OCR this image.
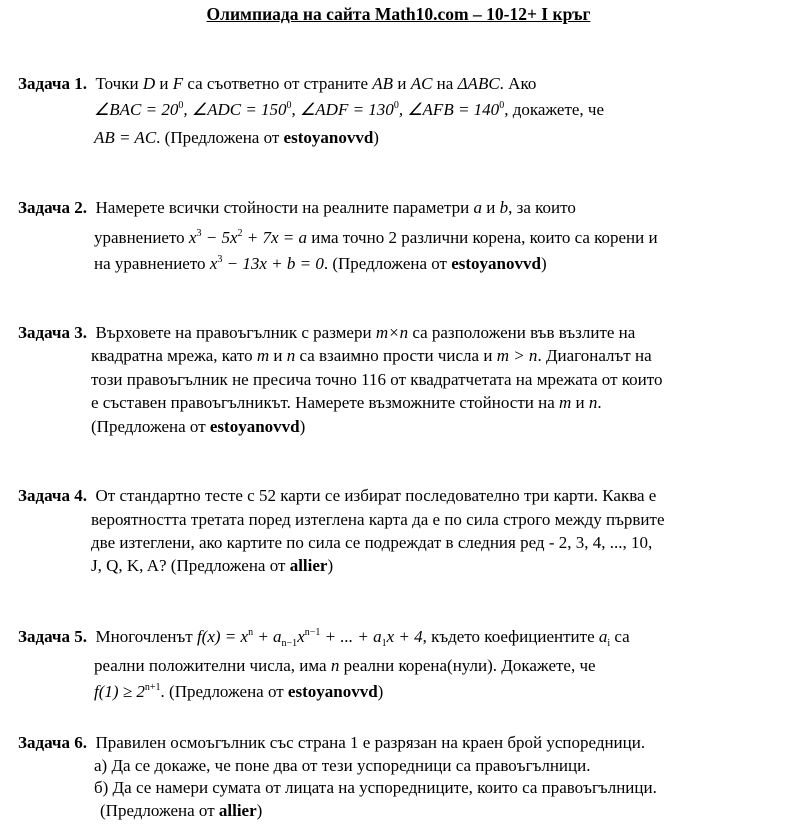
Олимпиада на сайта Math10.com – 10-12+ I кръг
Задача 1. Точки D и F са съответно от страните AB и AC на ΔABC. Ако
∠BAC = $20^0$, ∠ADC = $150^0$, ∠ADF = $130^0$, ∠AFB = $140^0$, докажете, че
AB = AC. (Предложена от estoyanovvd)
Задача 2. Намерете всички стойности на реалните параметри a и b, за които
уравнението $x^3 - 5x^2 + 7x = a$ има точно 2 различни корена, които са корени и
на уравнението $x^3 - 13x + b = 0$. (Предложена от estoyanovvd)
Задача 3. Върховете на правоъгълник с размери m×n са разположени във възлите на
квадратна мрежа, като m и n са взаимно прости числа и m > n. Диагоналът на
този правоъгълник не пресича точно 116 от квадратчетата на мрежата от които
е съставен правоъгълникът. Намерете възможните стойности на m и n.
(Предложена от estoyanovvd)
Задача 4. От стандартно тесте с 52 карти се избират последователно три карти. Каква е
вероятността третата поред изтеглена карта да е по сила строго между първите
две изтеглени, ако картите по сила се подреждат в следния ред - 2, 3, 4, ..., 10,
J, Q, K, A? (Предложена от allier)
Задача 5. Многочленът $f(x) = x^n + a_{n-1}x^{n-1}$ + ... + $a_1x + 4$, където коефициентите $a_i$ са
реални положителни числа, има n реални корена(нули). Докажете, че
$f(1) \ge 2^{n+1}$. (Предложена от estoyanovvd)
Задача 6. Правилен осмоъгълник със страна 1 е разрязан на краен брой успоредници.
а) Да се докаже, че поне два от тези успоредници са правоъгълници.
б) Да се намери сумата от лицата на успоредниците, които са правоъгълници.
(Предложена от allier)
